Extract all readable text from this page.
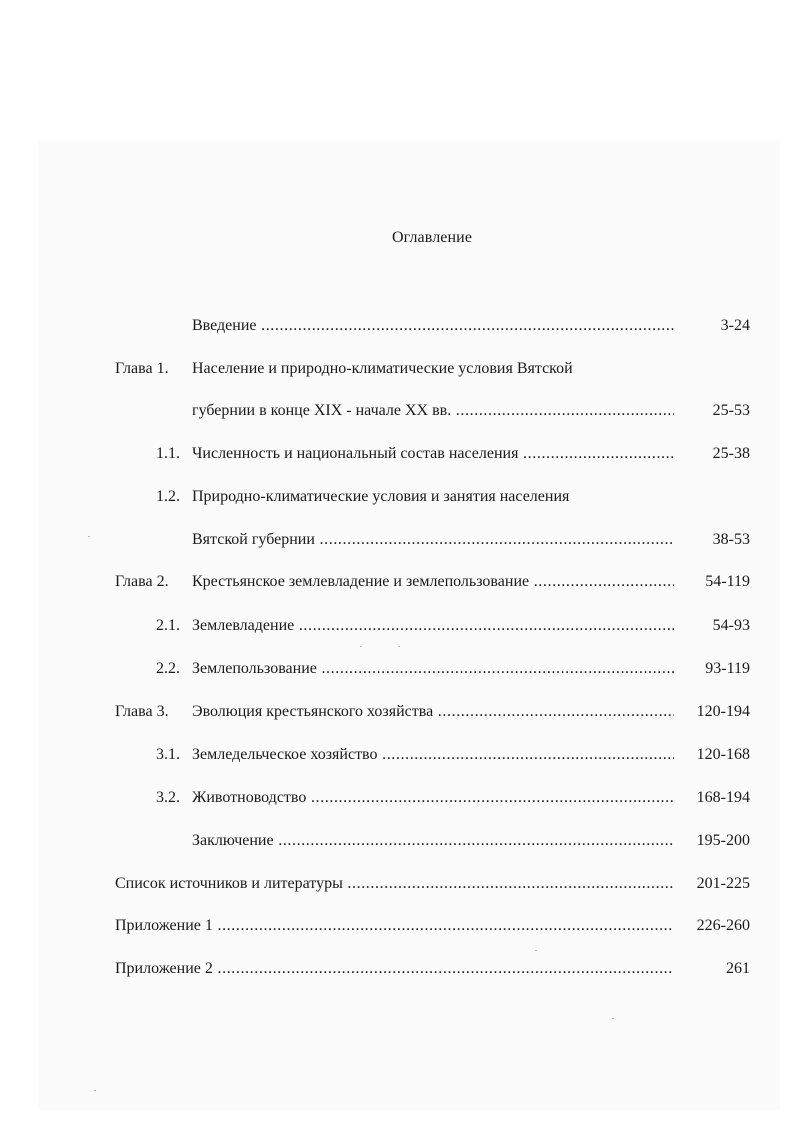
Оглавление
Введение .....	3-24
Глава 1. Население и природно-климатические условия Вятской
губернии в конце XIX - начале XX вв. .....	25-53
1.1. Численность и национальный состав населения .....	25-38
1.2. Природно-климатические условия и занятия населения
Вятской губернии .....	38-53
Глава 2. Крестьянское землевладение и землепользование .....	54-119
2.1. Землевладение .....	54-93
2.2. Землепользование .....	93-119
Глава 3. Эволюция крестьянского хозяйства .....	120-194
3.1. Земледельческое хозяйство .....	120-168
3.2. Животноводство .....	168-194
Заключение .....	195-200
Список источников и литературы .....	201-225
Приложение 1 .....	226-260
Приложение 2 .....	261
